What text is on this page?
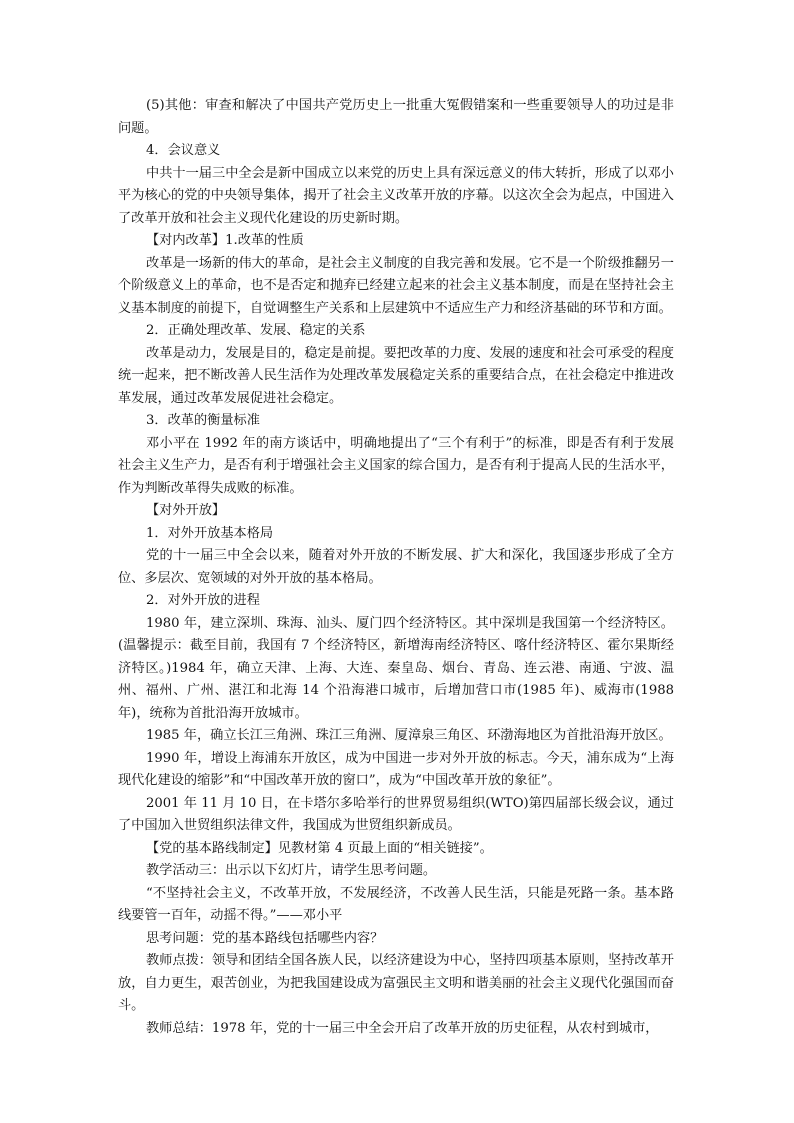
(5)其他：审查和解决了中国共产党历史上一批重大冤假错案和一些重要领导人的功过是非问题。

4．会议意义

中共十一届三中全会是新中国成立以来党的历史上具有深远意义的伟大转折，形成了以邓小平为核心的党的中央领导集体，揭开了社会主义改革开放的序幕。以这次全会为起点，中国进入了改革开放和社会主义现代化建设的历史新时期。

【对内改革】1.改革的性质

改革是一场新的伟大的革命，是社会主义制度的自我完善和发展。它不是一个阶级推翻另一个阶级意义上的革命，也不是否定和抛弃已经建立起来的社会主义基本制度，而是在坚持社会主义基本制度的前提下，自觉调整生产关系和上层建筑中不适应生产力和经济基础的环节和方面。

2．正确处理改革、发展、稳定的关系

改革是动力，发展是目的，稳定是前提。要把改革的力度、发展的速度和社会可承受的程度统一起来，把不断改善人民生活作为处理改革发展稳定关系的重要结合点，在社会稳定中推进改革发展，通过改革发展促进社会稳定。

3．改革的衡量标准

邓小平在 1992 年的南方谈话中，明确地提出了“三个有利于”的标准，即是否有利于发展社会主义生产力，是否有利于增强社会主义国家的综合国力，是否有利于提高人民的生活水平，作为判断改革得失成败的标准。

【对外开放】

1．对外开放基本格局

党的十一届三中全会以来，随着对外开放的不断发展、扩大和深化，我国逐步形成了全方位、多层次、宽领域的对外开放的基本格局。

2．对外开放的进程

1980 年，建立深圳、珠海、汕头、厦门四个经济特区。其中深圳是我国第一个经济特区。(温馨提示：截至目前，我国有 7 个经济特区，新增海南经济特区、喀什经济特区、霍尔果斯经济特区。)1984 年，确立天津、上海、大连、秦皇岛、烟台、青岛、连云港、南通、宁波、温州、福州、广州、湛江和北海 14 个沿海港口城市，后增加营口市(1985 年)、威海市(1988 年)，统称为首批沿海开放城市。

1985 年，确立长江三角洲、珠江三角洲、厦漳泉三角区、环渤海地区为首批沿海开放区。

1990 年，增设上海浦东开放区，成为中国进一步对外开放的标志。今天，浦东成为“上海现代化建设的缩影”和“中国改革开放的窗口”，成为“中国改革开放的象征”。

2001 年 11 月 10 日，在卡塔尔多哈举行的世界贸易组织(WTO)第四届部长级会议，通过了中国加入世贸组织法律文件，我国成为世贸组织新成员。

【党的基本路线制定】见教材第 4 页最上面的“相关链接”。

教学活动三：出示以下幻灯片，请学生思考问题。

“不坚持社会主义，不改革开放，不发展经济，不改善人民生活，只能是死路一条。基本路线要管一百年，动摇不得。”——邓小平

思考问题：党的基本路线包括哪些内容？

教师点拨：领导和团结全国各族人民，以经济建设为中心，坚持四项基本原则，坚持改革开放，自力更生，艰苦创业，为把我国建设成为富强民主文明和谐美丽的社会主义现代化强国而奋斗。

教师总结：1978 年，党的十一届三中全会开启了改革开放的历史征程，从农村到城市，
